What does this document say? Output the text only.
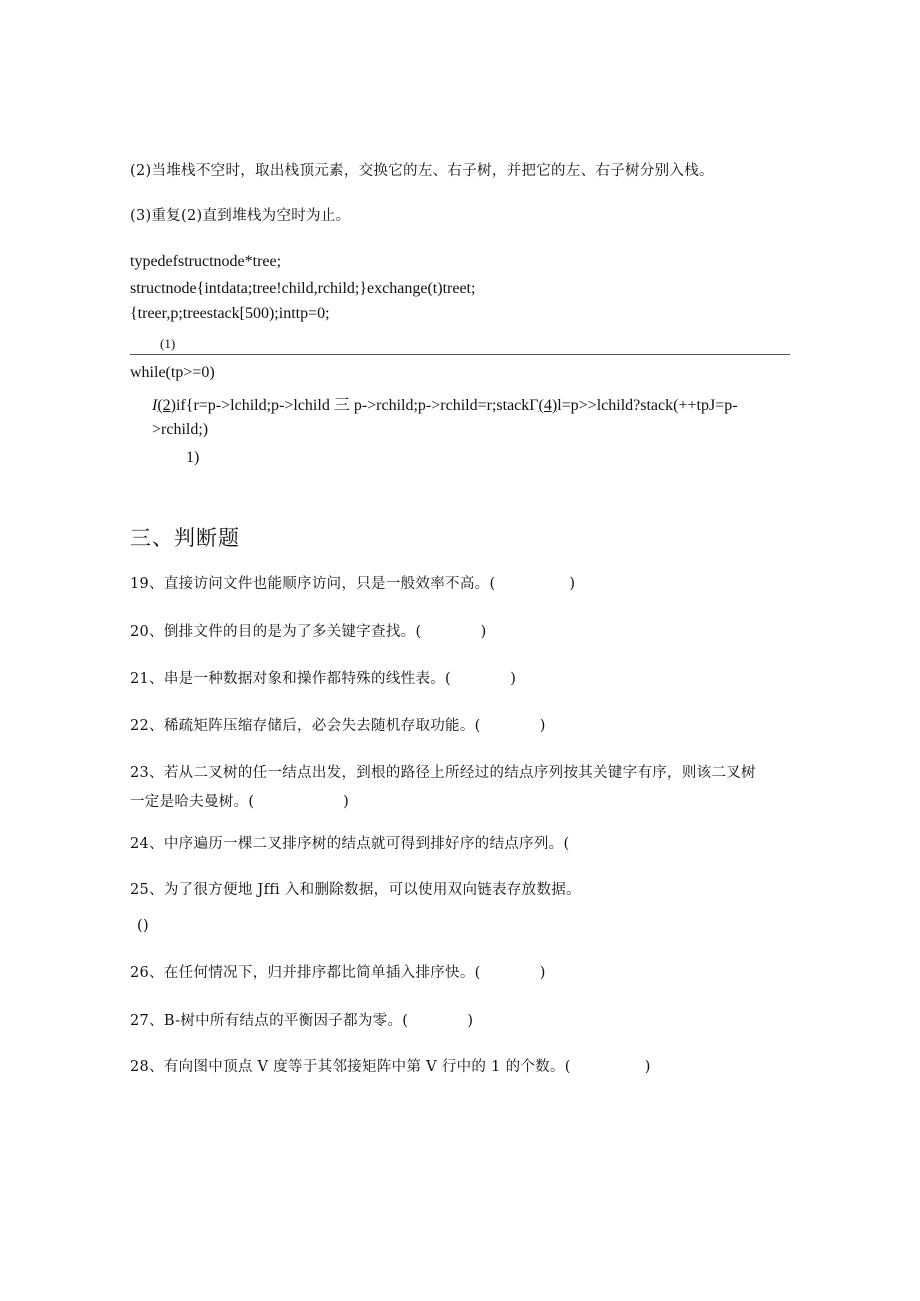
(2)当堆栈不空时，取出栈顶元素，交换它的左、右子树，并把它的左、右子树分别入栈。
(3)重复(2)直到堆栈为空时为止。
typedefstructnode*tree;
structnode{intdata;tree!child,rchild;}exchange(t)treet;
{treer,p;treestack[500);inttp=0;
(1)
while(tp>=0)
I(2)if{r=p->lchild;p->lchild 三 p->rchild;p->rchild=r;stackΓ(4)l=p>>lchild?stack(++tpJ=p-
>rchild;)
1)
三、判断题
19、直接访问文件也能顺序访问，只是一般效率不高。(　　　　　)
20、倒排文件的目的是为了多关键字查找。(　　　　)
21、串是一种数据对象和操作都特殊的线性表。(　　　　)
22、稀疏矩阵压缩存储后，必会失去随机存取功能。(　　　　)
23、若从二叉树的任一结点出发，到根的路径上所经过的结点序列按其关键字有序，则该二叉树
一定是哈夫曼树。(　　　　　　)
24、中序遍历一棵二叉排序树的结点就可得到排好序的结点序列。(
25、为了很方便地 Jffi 入和删除数据，可以使用双向链表存放数据。
()
26、在任何情况下，归并排序都比简单插入排序快。(　　　　)
27、B-树中所有结点的平衡因子都为零。(　　　　)
28、有向图中顶点 V 度等于其邻接矩阵中第 V 行中的 1 的个数。(　　　　　)
